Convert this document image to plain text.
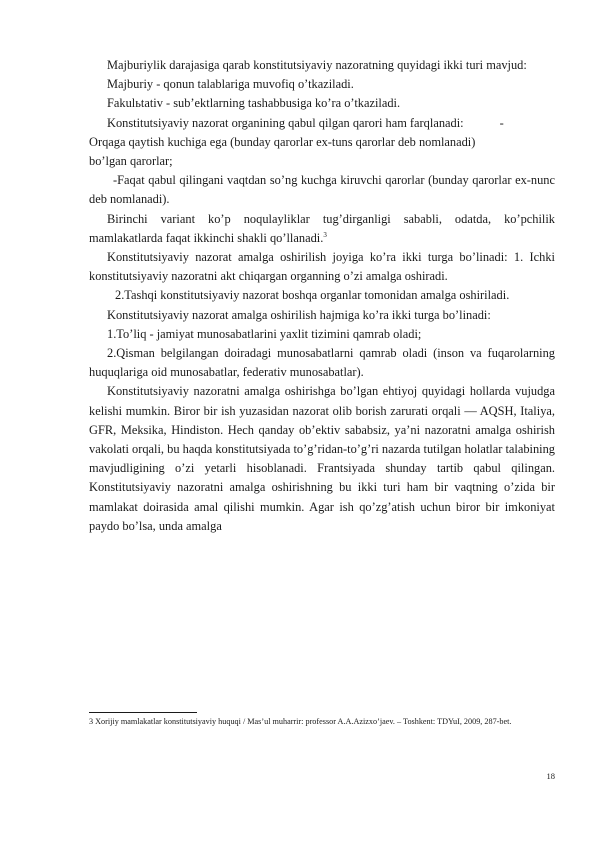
Majburiylik darajasiga qarab konstitutsiyaviy nazoratning quyidagi ikki turi mavjud:

Majburiy - qonun talablariga muvofiq o’tkaziladi.

Fakulьtativ - sub’ektlarning tashabbusiga ko’ra o’tkaziladi.

Konstitutsiyaviy nazorat organining qabul qilgan qarori ham farqlanadi:	-

Orqaga qaytish kuchiga ega (bunday qarorlar ex-tuns qarorlar deb nomlanadi)

bo’lgan qarorlar;

-Faqat qabul qilingani vaqtdan so’ng kuchga kiruvchi qarorlar (bunday qarorlar ex-nunc deb nomlanadi).

Birinchi variant ko’p noqulayliklar tug’dirganligi sababli, odatda, ko’pchilik mamlakatlarda faqat ikkinchi shakli qo’llanadi.$^3$

Konstitutsiyaviy nazorat amalga oshirilish joyiga ko’ra ikki turga bo’linadi: 1. Ichki konstitutsiyaviy nazoratni akt chiqargan organning o’zi amalga oshiradi.

2.Tashqi konstitutsiyaviy nazorat boshqa organlar tomonidan amalga oshiriladi.

Konstitutsiyaviy nazorat amalga oshirilish hajmiga ko’ra ikki turga bo’linadi:

1.To’liq - jamiyat munosabatlarini yaxlit tizimini qamrab oladi;

2.Qisman belgilangan doiradagi munosabatlarni qamrab oladi (inson va fuqarolarning huquqlariga oid munosabatlar, federativ munosabatlar).

Konstitutsiyaviy nazoratni amalga oshirishga bo’lgan ehtiyoj quyidagi hollarda vujudga kelishi mumkin. Biror bir ish yuzasidan nazorat olib borish zarurati orqali — AQSH, Italiya, GFR, Meksika, Hindiston. Hech qanday ob’ektiv sababsiz, ya’ni nazoratni amalga oshirish vakolati orqali, bu haqda konstitutsiyada to’g’ridan-to’g’ri nazarda tutilgan holatlar talabining mavjudligining o’zi yetarli hisoblanadi. Frantsiyada shunday tartib qabul qilingan. Konstitutsiyaviy nazoratni amalga oshirishning bu ikki turi ham bir vaqtning o’zida bir mamlakat doirasida amal qilishi mumkin. Agar ish qo’zg’atish uchun biror bir imkoniyat paydo bo’lsa, unda amalga

3 Xorijiy mamlakatlar konstitutsiyaviy huquqi / Mas’ul muharrir: professor A.A.Azizxo’jaev. – Toshkent: TDYuI, 2009, 287-bet.
18
